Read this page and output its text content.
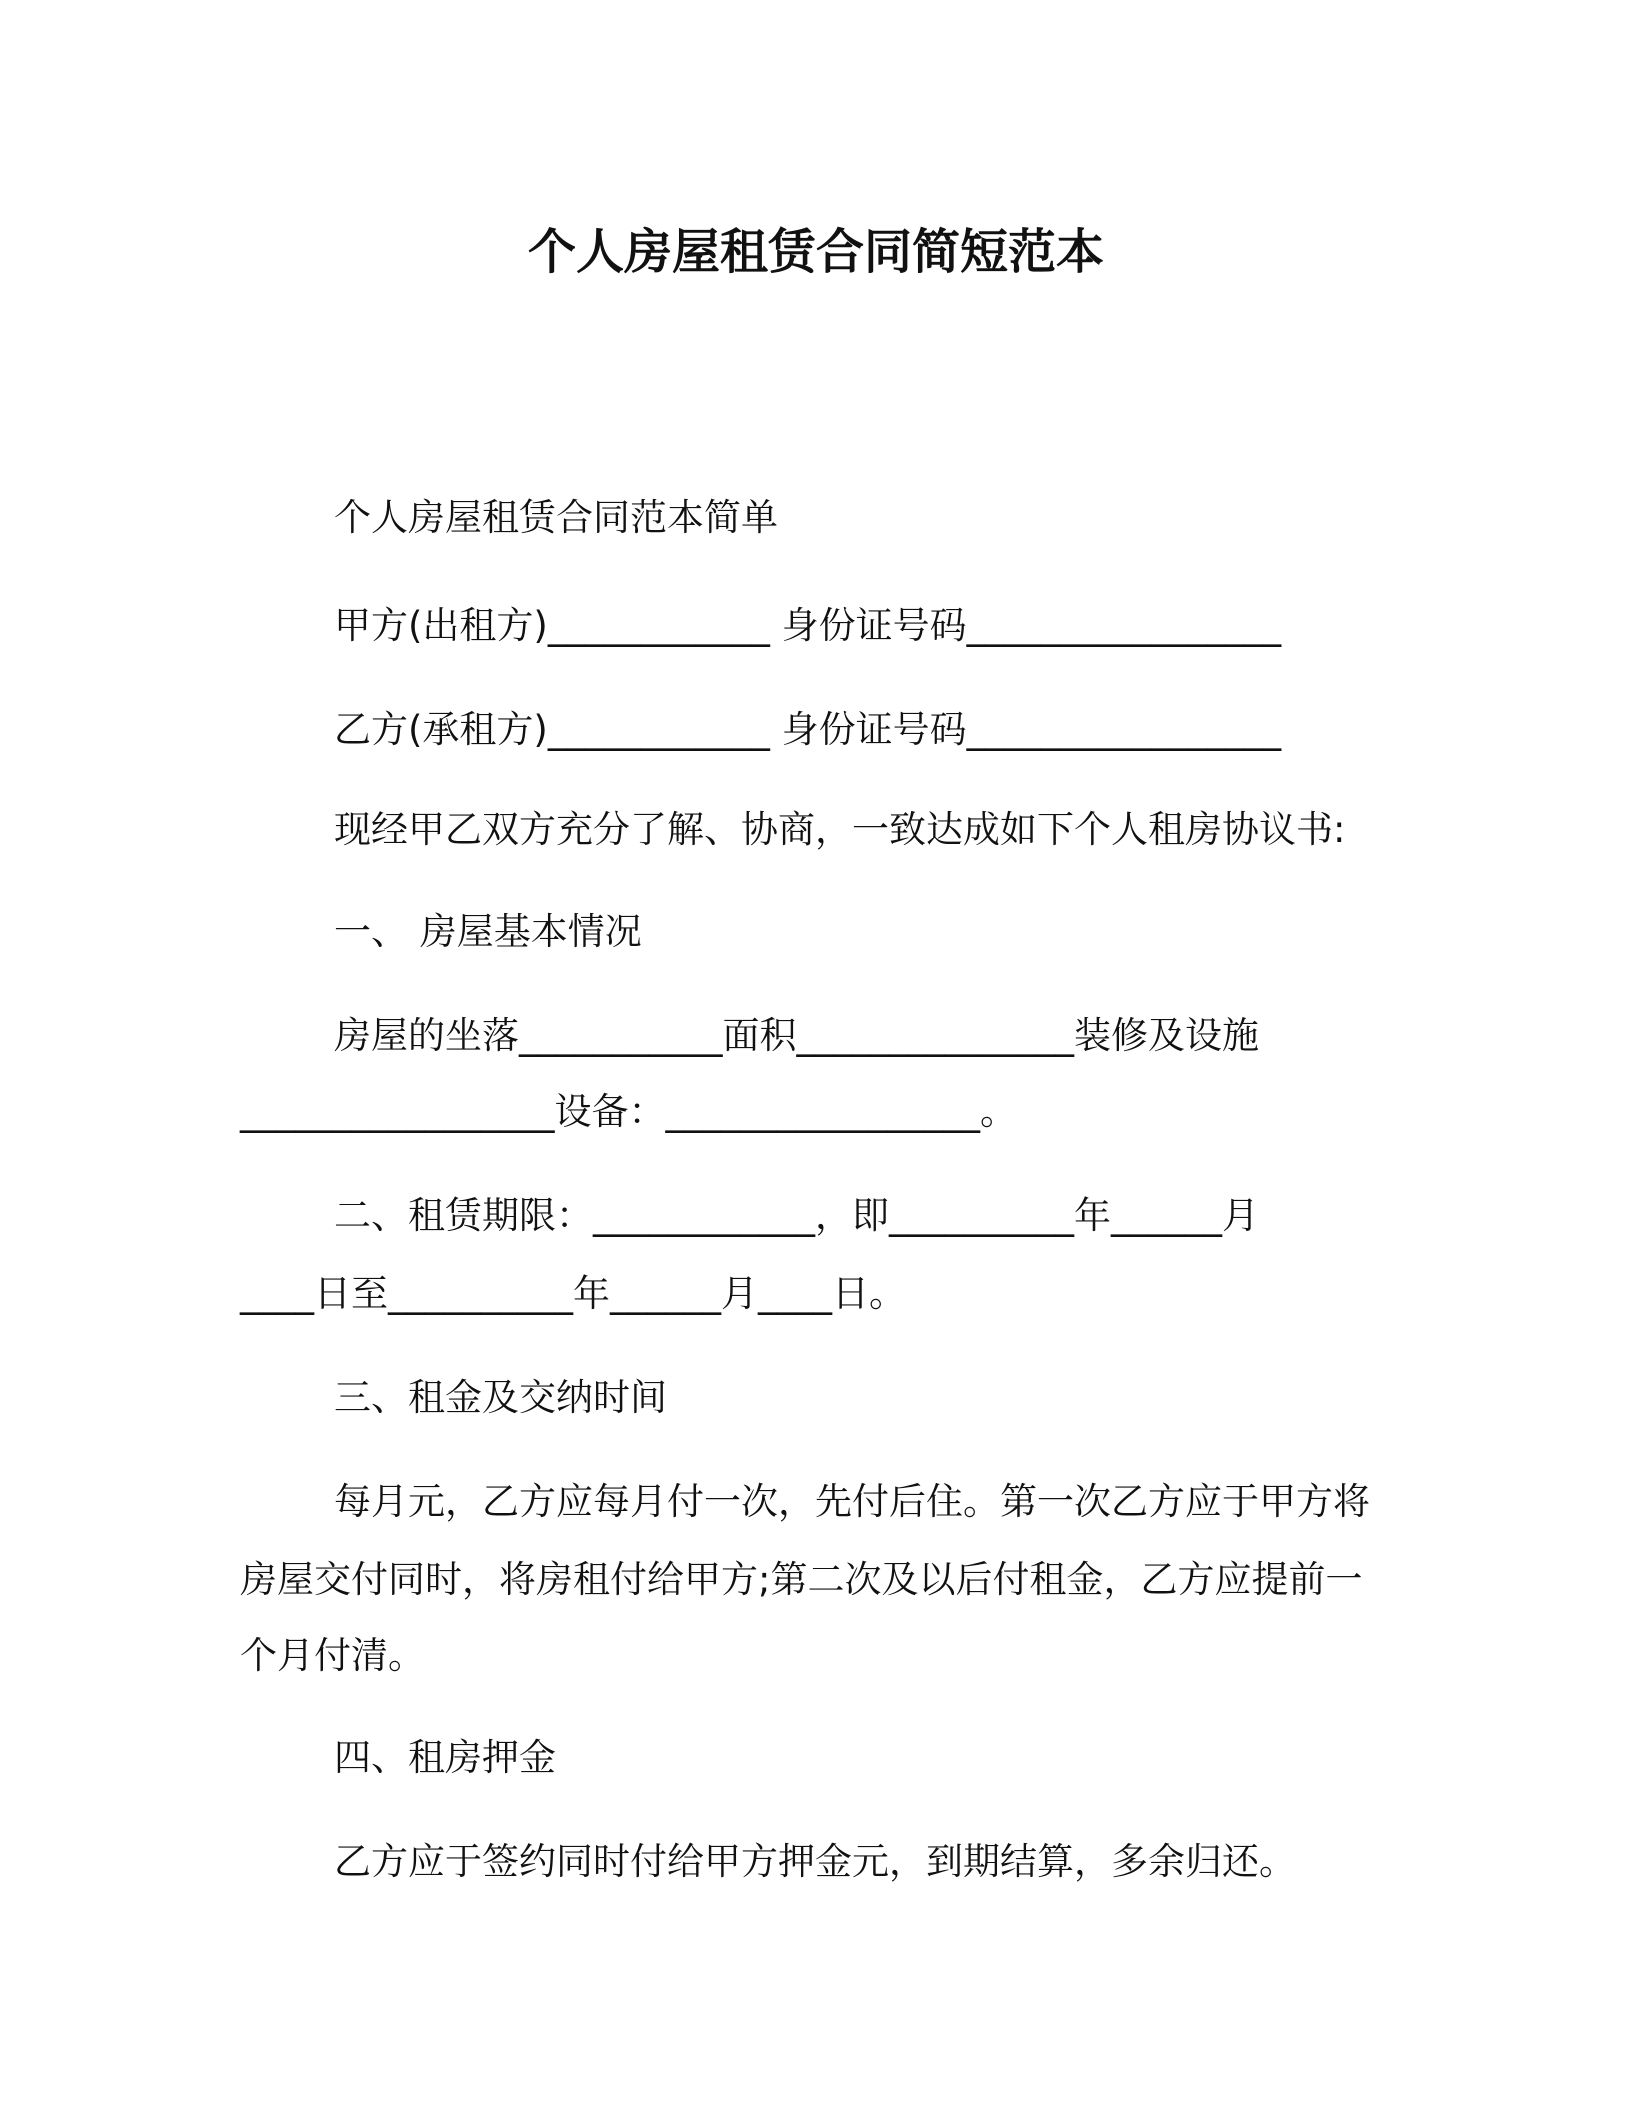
个人房屋租赁合同简短范本
个人房屋租赁合同范本简单
甲方(出租方)____________ 身份证号码_________________
乙方(承租方)____________ 身份证号码_________________
现经甲乙双方充分了解、协商，一致达成如下个人租房协议书:
一、 房屋基本情况
房屋的坐落___________面积_______________装修及设施
_________________设备：_________________。
二、租赁期限：____________，即__________年______月
____日至__________年______月____日。
三、租金及交纳时间
每月元，乙方应每月付一次，先付后住。第一次乙方应于甲方将
房屋交付同时，将房租付给甲方;第二次及以后付租金，乙方应提前一
个月付清。
四、租房押金
乙方应于签约同时付给甲方押金元，到期结算，多余归还。
